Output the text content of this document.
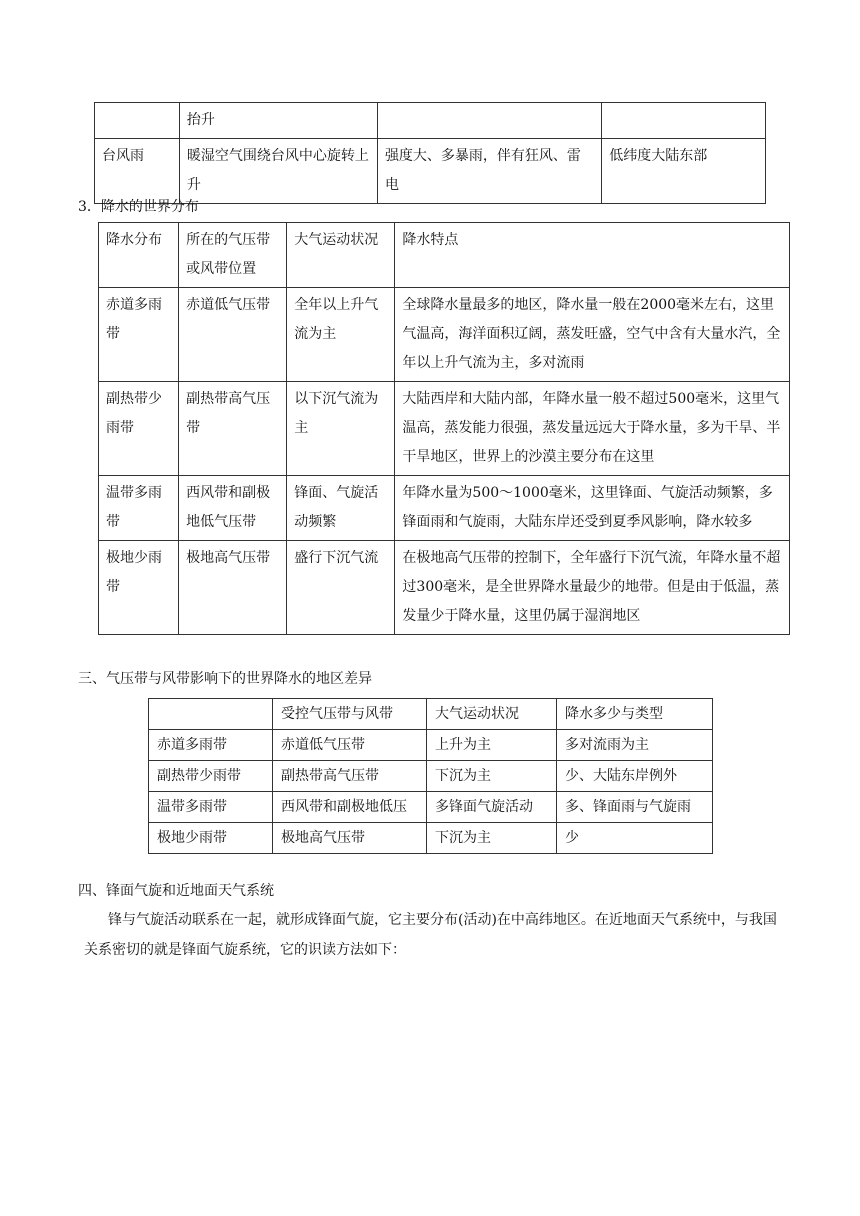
	抬升		
台风雨	暖湿空气围绕台风中心旋转上升	强度大、多暴雨，伴有狂风、雷电	低纬度大陆东部

3．降水的世界分布

降水分布	所在的气压带或风带位置	大气运动状况	降水特点
赤道多雨带	赤道低气压带	全年以上升气流为主	全球降水量最多的地区，降水量一般在2000毫米左右，这里气温高，海洋面积辽阔，蒸发旺盛，空气中含有大量水汽，全年以上升气流为主，多对流雨
副热带少雨带	副热带高气压带	以下沉气流为主	大陆西岸和大陆内部，年降水量一般不超过500毫米，这里气温高，蒸发能力很强，蒸发量远远大于降水量，多为干旱、半干旱地区，世界上的沙漠主要分布在这里
温带多雨带	西风带和副极地低气压带	锋面、气旋活动频繁	年降水量为500～1000毫米，这里锋面、气旋活动频繁，多锋面雨和气旋雨，大陆东岸还受到夏季风影响，降水较多
极地少雨带	极地高气压带	盛行下沉气流	在极地高气压带的控制下，全年盛行下沉气流，年降水量不超过300毫米，是全世界降水量最少的地带。但是由于低温，蒸发量少于降水量，这里仍属于湿润地区

三、气压带与风带影响下的世界降水的地区差异

	受控气压带与风带	大气运动状况	降水多少与类型
赤道多雨带	赤道低气压带	上升为主	多对流雨为主
副热带少雨带	副热带高气压带	下沉为主	少、大陆东岸例外
温带多雨带	西风带和副极地低压	多锋面气旋活动	多、锋面雨与气旋雨
极地少雨带	极地高气压带	下沉为主	少

四、锋面气旋和近地面天气系统

锋与气旋活动联系在一起，就形成锋面气旋，它主要分布(活动)在中高纬地区。在近地面天气系统中，与我国关系密切的就是锋面气旋系统，它的识读方法如下：
